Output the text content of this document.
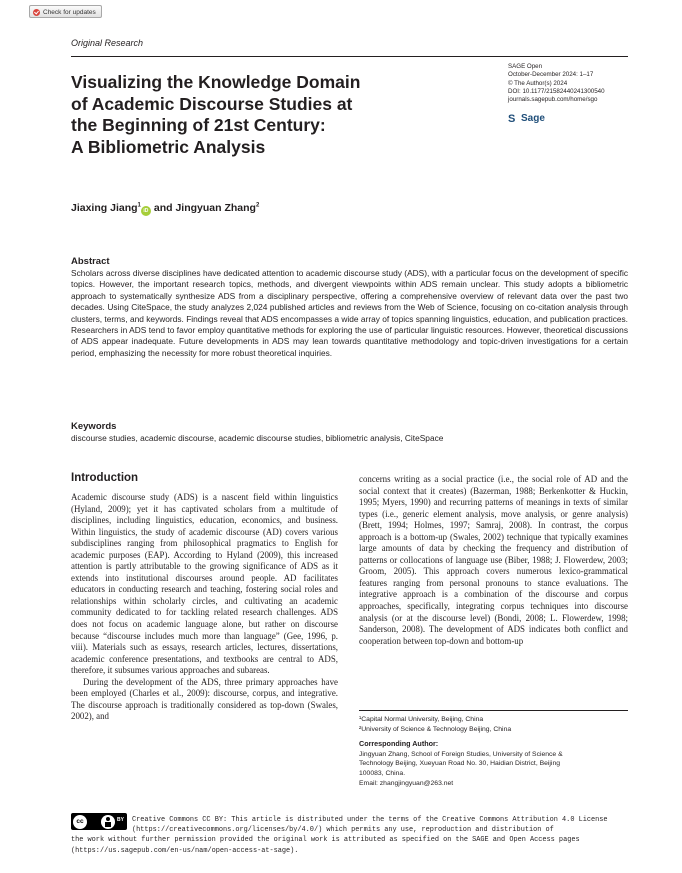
Check for updates
Original Research
Visualizing the Knowledge Domain
of Academic Discourse Studies at
the Beginning of 21st Century:
A Bibliometric Analysis
SAGE Open
October-December 2024: 1–17
© The Author(s) 2024
DOI: 10.1177/21582440241300540
journals.sagepub.com/home/sgo
S Sage
Jiaxing Jiang$^1$iD and Jingyuan Zhang$^2$
Abstract
Scholars across diverse disciplines have dedicated attention to academic discourse study (ADS), with a particular focus on the development of specific topics. However, the important research topics, methods, and divergent viewpoints within ADS remain unclear. This study adopts a bibliometric approach to systematically synthesize ADS from a disciplinary perspective, offering a comprehensive overview of relevant data over the past two decades. Using CiteSpace, the study analyzes 2,024 published articles and reviews from the Web of Science, focusing on co-citation analysis through clusters, terms, and keywords. Findings reveal that ADS encompasses a wide array of topics spanning linguistics, education, and publication practices. Researchers in ADS tend to favor employ quantitative methods for exploring the use of particular linguistic resources. However, theoretical discussions of ADS appear inadequate. Future developments in ADS may lean towards quantitative methodology and topic-driven investigations for a certain period, emphasizing the necessity for more robust theoretical inquiries.
Keywords
discourse studies, academic discourse, academic discourse studies, bibliometric analysis, CiteSpace
Introduction

Academic discourse study (ADS) is a nascent field within linguistics (Hyland, 2009); yet it has captivated scholars from a multitude of disciplines, including linguistics, education, economics, and business. Within linguistics, the study of academic discourse (AD) covers various subdisciplines ranging from philosophical pragmatics to English for academic purposes (EAP). According to Hyland (2009), this increased attention is partly attributable to the growing significance of ADS as it extends into institutional discourses around people. AD facilitates educators in conducting research and teaching, fostering social roles and relationships within scholarly circles, and cultivating an academic community dedicated to for tackling related research challenges. ADS does not focus on academic language alone, but rather on discourse because “discourse includes much more than language” (Gee, 1996, p. viii). Materials such as essays, research articles, lectures, dissertations, academic conference presentations, and textbooks are central to ADS, therefore, it subsumes various approaches and subareas.

During the development of the ADS, three primary approaches have been employed (Charles et al., 2009): discourse, corpus, and integrative. The discourse approach is traditionally considered as top-down (Swales, 2002), and

concerns writing as a social practice (i.e., the social role of AD and the social context that it creates) (Bazerman, 1988; Berkenkotter & Huckin, 1995; Myers, 1990) and recurring patterns of meanings in texts of similar types (i.e., generic element analysis, move analysis, or genre analysis) (Brett, 1994; Holmes, 1997; Samraj, 2008). In contrast, the corpus approach is a bottom-up (Swales, 2002) technique that typically examines large amounts of data by checking the frequency and distribution of patterns or collocations of language use (Biber, 1988; J. Flowerdew, 2003; Groom, 2005). This approach covers numerous lexico-grammatical features ranging from personal pronouns to stance evaluations. The integrative approach is a combination of the discourse and corpus approaches, specifically, integrating corpus techniques into discourse analysis (or at the discourse level) (Bondi, 2008; L. Flowerdew, 1998; Sanderson, 2008). The development of ADS indicates both conflict and cooperation between top-down and bottom-up

¹Capital Normal University, Beijing, China
²University of Science & Technology Beijing, China
Corresponding Author:
Jingyuan Zhang, School of Foreign Studies, University of Science &
Technology Beijing, Xueyuan Road No. 30, Haidian District, Beijing
100083, China.
Email: zhangjingyuan@263.net
cc	BY	Creative Commons CC BY: This article is distributed under the terms of the Creative Commons Attribution 4.0 License
(https://creativecommons.org/licenses/by/4.0/) which permits any use, reproduction and distribution of
the work without further permission provided the original work is attributed as specified on the SAGE and Open Access pages
(https://us.sagepub.com/en-us/nam/open-access-at-sage).
